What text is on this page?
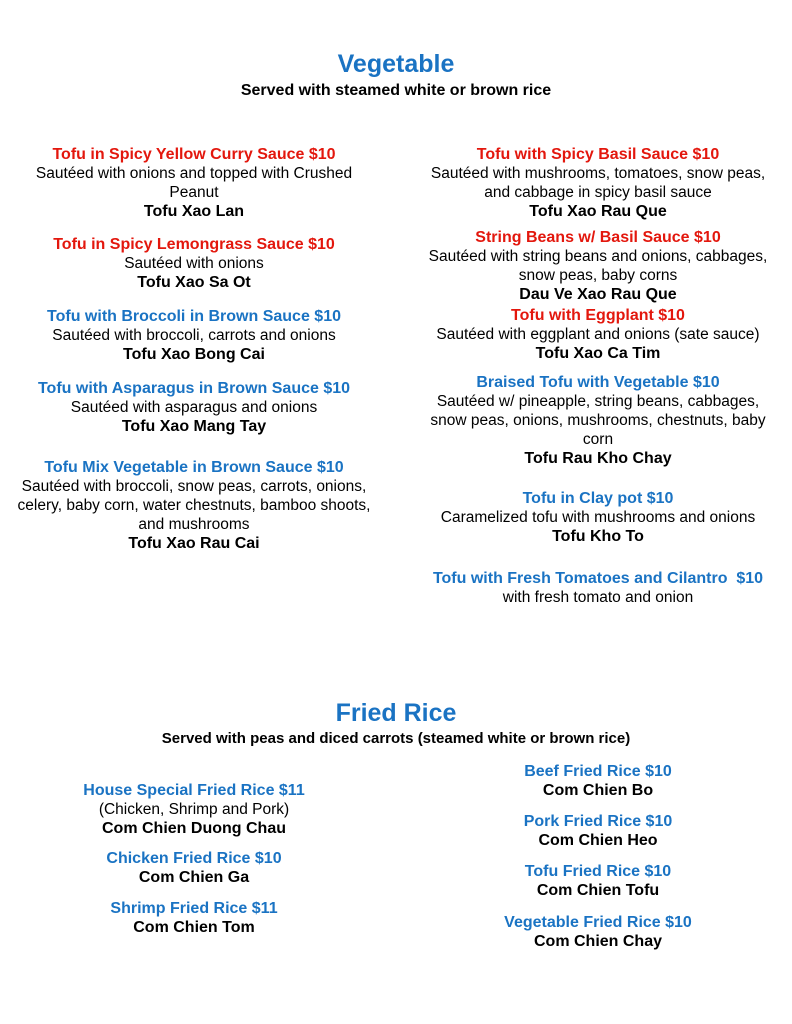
Vegetable
Served with steamed white or brown rice
Tofu in Spicy Yellow Curry Sauce $10
Sautéed with onions and topped with Crushed Peanut
Tofu Xao Lan
Tofu in Spicy Lemongrass Sauce $10
Sautéed with onions
Tofu Xao Sa Ot
Tofu with Broccoli in Brown Sauce $10
Sautéed with broccoli, carrots and onions
Tofu Xao Bong Cai
Tofu with Asparagus in Brown Sauce $10
Sautéed with asparagus and onions
Tofu Xao Mang Tay
Tofu Mix Vegetable in Brown Sauce $10
Sautéed with broccoli, snow peas, carrots, onions, celery, baby corn, water chestnuts, bamboo shoots, and mushrooms
Tofu Xao Rau Cai
Tofu with Spicy Basil Sauce $10
Sautéed with mushrooms, tomatoes, snow peas, and cabbage in spicy basil sauce
Tofu Xao Rau Que
String Beans w/ Basil Sauce $10
Sautéed with string beans and onions, cabbages, snow peas, baby corns
Dau Ve Xao Rau Que
Tofu with Eggplant $10
Sautéed with eggplant and onions (sate sauce)
Tofu Xao Ca Tim
Braised Tofu with Vegetable $10
Sautéed w/ pineapple, string beans, cabbages, snow peas, onions, mushrooms, chestnuts, baby corn
Tofu Rau Kho Chay
Tofu in Clay pot $10
Caramelized tofu with mushrooms and onions
Tofu Kho To
Tofu with Fresh Tomatoes and Cilantro  $10
with fresh tomato and onion
Fried Rice
Served with peas and diced carrots (steamed white or brown rice)
House Special Fried Rice $11
(Chicken, Shrimp and Pork)
Com Chien Duong Chau
Chicken Fried Rice $10
Com Chien Ga
Shrimp Fried Rice $11
Com Chien Tom
Beef Fried Rice $10
Com Chien Bo
Pork Fried Rice $10
Com Chien Heo
Tofu Fried Rice $10
Com Chien Tofu
Vegetable Fried Rice $10
Com Chien Chay
